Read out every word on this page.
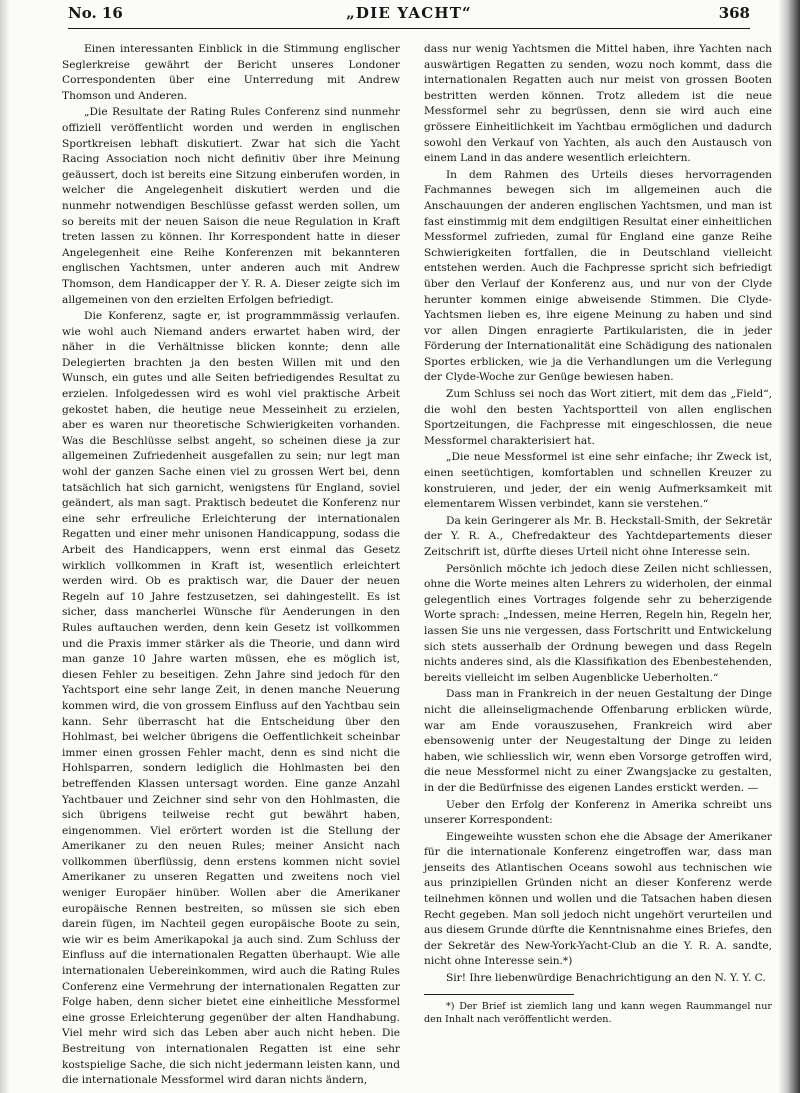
No. 16	„DIE YACHT“	368

Einen interessanten Einblick in die Stimmung englischer Seglerkreise gewährt der Bericht unseres Londoner Correspondenten über eine Unterredung mit Andrew Thomson und Anderen.

„Die Resultate der Rating Rules Conferenz sind nunmehr offiziell veröffentlicht worden und werden in englischen Sportkreisen lebhaft diskutiert. Zwar hat sich die Yacht Racing Association noch nicht definitiv über ihre Meinung geäussert, doch ist bereits eine Sitzung einberufen worden, in welcher die Angelegenheit diskutiert werden und die nunmehr notwendigen Beschlüsse gefasst werden sollen, um so bereits mit der neuen Saison die neue Regulation in Kraft treten lassen zu können. Ihr Korrespondent hatte in dieser Angelegenheit eine Reihe Konferenzen mit bekannteren englischen Yachtsmen, unter anderen auch mit Andrew Thomson, dem Handicapper der Y. R. A. Dieser zeigte sich im allgemeinen von den erzielten Erfolgen befriedigt.

Die Konferenz, sagte er, ist programmmässig verlaufen. wie wohl auch Niemand anders erwartet haben wird, der näher in die Verhältnisse blicken konnte; denn alle Delegierten brachten ja den besten Willen mit und den Wunsch, ein gutes und alle Seiten befriedigendes Resultat zu erzielen. Infolgedessen wird es wohl viel praktische Arbeit gekostet haben, die heutige neue Messeinheit zu erzielen, aber es waren nur theoretische Schwierigkeiten vorhanden. Was die Beschlüsse selbst angeht, so scheinen diese ja zur allgemeinen Zufriedenheit ausgefallen zu sein; nur legt man wohl der ganzen Sache einen viel zu grossen Wert bei, denn tatsächlich hat sich garnicht, wenigstens für England, soviel geändert, als man sagt. Praktisch bedeutet die Konferenz nur eine sehr erfreuliche Erleichterung der internationalen Regatten und einer mehr unisonen Handicappung, sodass die Arbeit des Handicappers, wenn erst einmal das Gesetz wirklich vollkommen in Kraft ist, wesentlich erleichtert werden wird. Ob es praktisch war, die Dauer der neuen Regeln auf 10 Jahre festzusetzen, sei dahingestellt. Es ist sicher, dass mancherlei Wünsche für Aenderungen in den Rules auftauchen werden, denn kein Gesetz ist vollkommen und die Praxis immer stärker als die Theorie, und dann wird man ganze 10 Jahre warten müssen, ehe es möglich ist, diesen Fehler zu beseitigen. Zehn Jahre sind jedoch für den Yachtsport eine sehr lange Zeit, in denen manche Neuerung kommen wird, die von grossem Einfluss auf den Yachtbau sein kann. Sehr überrascht hat die Entscheidung über den Hohlmast, bei welcher übrigens die Oeffentlichkeit scheinbar immer einen grossen Fehler macht, denn es sind nicht die Hohlsparren, sondern lediglich die Hohlmasten bei den betreffenden Klassen untersagt worden. Eine ganze Anzahl Yachtbauer und Zeichner sind sehr von den Hohlmasten, die sich übrigens teilweise recht gut bewährt haben, eingenommen. Viel erörtert worden ist die Stellung der Amerikaner zu den neuen Rules; meiner Ansicht nach vollkommen überflüssig, denn erstens kommen nicht soviel Amerikaner zu unseren Regatten und zweitens noch viel weniger Europäer hinüber. Wollen aber die Amerikaner europäische Rennen bestreiten, so müssen sie sich eben darein fügen, im Nachteil gegen europäische Boote zu sein, wie wir es beim Amerikapokal ja auch sind. Zum Schluss der Einfluss auf die internationalen Regatten überhaupt. Wie alle internationalen Uebereinkommen, wird auch die Rating Rules Conferenz eine Vermehrung der internationalen Regatten zur Folge haben, denn sicher bietet eine einheitliche Messformel eine grosse Erleichterung gegenüber der alten Handhabung. Viel mehr wird sich das Leben aber auch nicht heben. Die Bestreitung von internationalen Regatten ist eine sehr kostspielige Sache, die sich nicht jedermann leisten kann, und die internationale Messformel wird daran nichts ändern,

dass nur wenig Yachtsmen die Mittel haben, ihre Yachten nach auswärtigen Regatten zu senden, wozu noch kommt, dass die internationalen Regatten auch nur meist von grossen Booten bestritten werden können. Trotz alledem ist die neue Messformel sehr zu begrüssen, denn sie wird auch eine grössere Einheitlichkeit im Yachtbau ermöglichen und dadurch sowohl den Verkauf von Yachten, als auch den Austausch von einem Land in das andere wesentlich erleichtern.

In dem Rahmen des Urteils dieses hervorragenden Fachmannes bewegen sich im allgemeinen auch die Anschauungen der anderen englischen Yachtsmen, und man ist fast einstimmig mit dem endgiltigen Resultat einer einheitlichen Messformel zufrieden, zumal für England eine ganze Reihe Schwierigkeiten fortfallen, die in Deutschland vielleicht entstehen werden. Auch die Fachpresse spricht sich befriedigt über den Verlauf der Konferenz aus, und nur von der Clyde herunter kommen einige abweisende Stimmen. Die Clyde-Yachtsmen lieben es, ihre eigene Meinung zu haben und sind vor allen Dingen enragierte Partikularisten, die in jeder Förderung der Internationalität eine Schädigung des nationalen Sportes erblicken, wie ja die Verhandlungen um die Verlegung der Clyde-Woche zur Genüge bewiesen haben.

Zum Schluss sei noch das Wort zitiert, mit dem das „Field“, die wohl den besten Yachtsportteil von allen englischen Sportzeitungen, die Fachpresse mit eingeschlossen, die neue Messformel charakterisiert hat.

„Die neue Messformel ist eine sehr einfache; ihr Zweck ist, einen seetüchtigen, komfortablen und schnellen Kreuzer zu konstruieren, und jeder, der ein wenig Aufmerksamkeit mit elementarem Wissen verbindet, kann sie verstehen.“

Da kein Geringerer als Mr. B. Heckstall-Smith, der Sekretär der Y. R. A., Chefredakteur des Yachtdepartements dieser Zeitschrift ist, dürfte dieses Urteil nicht ohne Interesse sein.

Persönlich möchte ich jedoch diese Zeilen nicht schliessen, ohne die Worte meines alten Lehrers zu widerholen, der einmal gelegentlich eines Vortrages folgende sehr zu beherzigende Worte sprach: „Indessen, meine Herren, Regeln hin, Regeln her, lassen Sie uns nie vergessen, dass Fortschritt und Entwickelung sich stets ausserhalb der Ordnung bewegen und dass Regeln nichts anderes sind, als die Klassifikation des Ebenbestehenden, bereits vielleicht im selben Augenblicke Ueberholten.“

Dass man in Frankreich in der neuen Gestaltung der Dinge nicht die alleinseligmachende Offenbarung erblicken würde, war am Ende vorauszusehen, Frankreich wird aber ebensowenig unter der Neugestaltung der Dinge zu leiden haben, wie schliesslich wir, wenn eben Vorsorge getroffen wird, die neue Messformel nicht zu einer Zwangsjacke zu gestalten, in der die Bedürfnisse des eigenen Landes erstickt werden. —

Ueber den Erfolg der Konferenz in Amerika schreibt uns unserer Korrespondent:

Eingeweihte wussten schon ehe die Absage der Amerikaner für die internationale Konferenz eingetroffen war, dass man jenseits des Atlantischen Oceans sowohl aus technischen wie aus prinzipiellen Gründen nicht an dieser Konferenz werde teilnehmen können und wollen und die Tatsachen haben diesen Recht gegeben. Man soll jedoch nicht ungehört verurteilen und aus diesem Grunde dürfte die Kenntnisnahme eines Briefes, den der Sekretär des New-York-Yacht-Club an die Y. R. A. sandte, nicht ohne Interesse sein.*)

Sir! Ihre liebenwürdige Benachrichtigung an den N. Y. Y. C.

*) Der Brief ist ziemlich lang und kann wegen Raummangel nur den Inhalt nach veröffentlicht werden.
